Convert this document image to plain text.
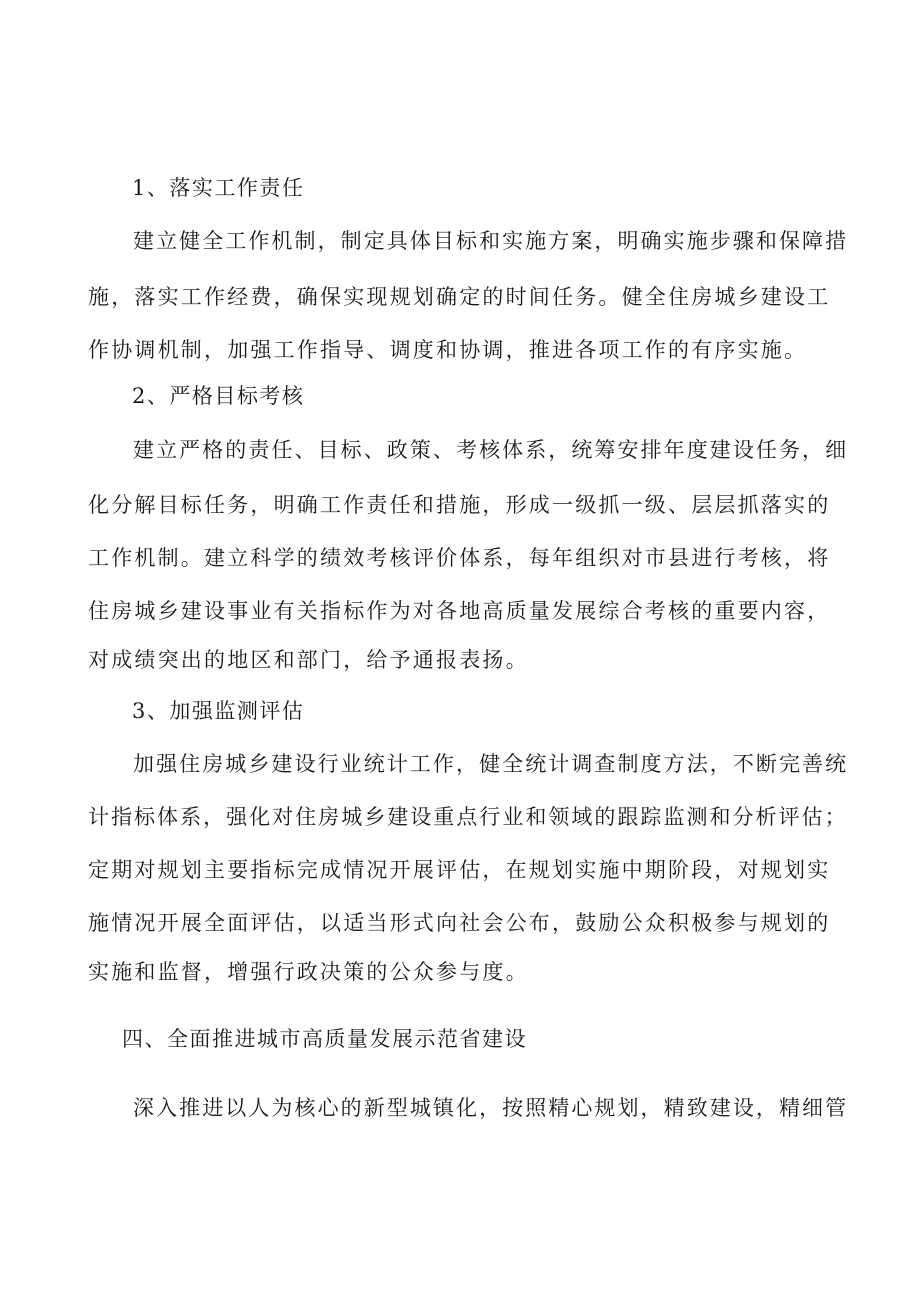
1、落实工作责任
建立健全工作机制，制定具体目标和实施方案，明确实施步骤和保障措
施，落实工作经费，确保实现规划确定的时间任务。健全住房城乡建设工
作协调机制，加强工作指导、调度和协调，推进各项工作的有序实施。
2、严格目标考核
建立严格的责任、目标、政策、考核体系，统筹安排年度建设任务，细
化分解目标任务，明确工作责任和措施，形成一级抓一级、层层抓落实的
工作机制。建立科学的绩效考核评价体系，每年组织对市县进行考核，将
住房城乡建设事业有关指标作为对各地高质量发展综合考核的重要内容，
对成绩突出的地区和部门，给予通报表扬。
3、加强监测评估
加强住房城乡建设行业统计工作，健全统计调查制度方法，不断完善统
计指标体系，强化对住房城乡建设重点行业和领域的跟踪监测和分析评估；
定期对规划主要指标完成情况开展评估，在规划实施中期阶段，对规划实
施情况开展全面评估，以适当形式向社会公布，鼓励公众积极参与规划的
实施和监督，增强行政决策的公众参与度。
四、全面推进城市高质量发展示范省建设
深入推进以人为核心的新型城镇化，按照精心规划，精致建设，精细管
